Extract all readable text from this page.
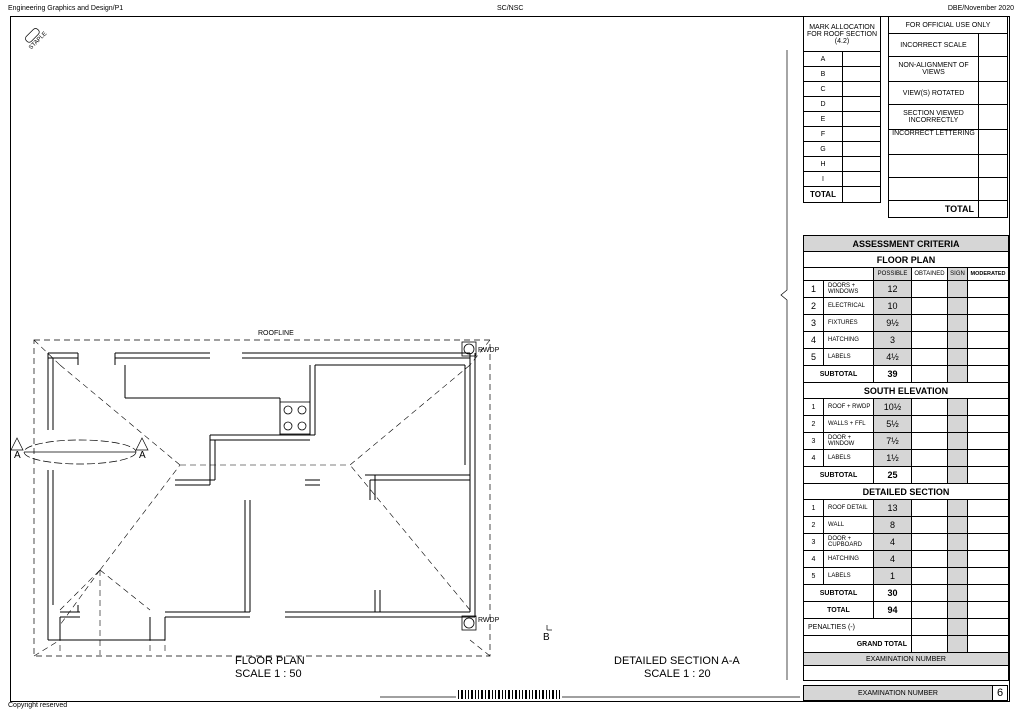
Engineering Graphics and Design/P1	SC/NSC	DBE/November 2020
STAPLE
ROOFLINE
RWDP
RWDP
A	A
B
FLOOR PLAN
SCALE 1 : 50
DETAILED SECTION A-A
SCALE 1 : 20
Copyright reserved
MARK ALLOCATION FOR ROOF SECTION (4.2)	
A	
B	
C	
D	
E	
F	
G	
H	
I	
TOTAL	
FOR OFFICIAL USE ONLY	
INCORRECT SCALE	
NON-ALIGNMENT OF VIEWS	
VIEW(S) ROTATED	
SECTION VIEWED INCORRECTLY	
INCORRECT LETTERING	

TOTAL	
ASSESSMENT CRITERIA					
FLOOR PLAN					
		POSSIBLE	OBTAINED	SIGN	MODERATED
1	DOORS + WINDOWS	12			
2	ELECTRICAL	10			
3	FIXTURES	9½			
4	HATCHING	3			
5	LABELS	4½			
SUBTOTAL		39			
SOUTH ELEVATION					
1	ROOF + RWDP	10½			
2	WALLS + FFL	5½			
3	DOOR + WINDOW	7½			
4	LABELS	1½			
SUBTOTAL		25			
DETAILED SECTION					
1	ROOF DETAIL	13			
2	WALL	8			
3	DOOR + CUPBOARD	4			
4	HATCHING	4			
5	LABELS	1			
SUBTOTAL		30			
TOTAL		94			
PENALTIES (-)					
GRAND TOTAL					
EXAMINATION NUMBER					

EXAMINATION NUMBER	6
